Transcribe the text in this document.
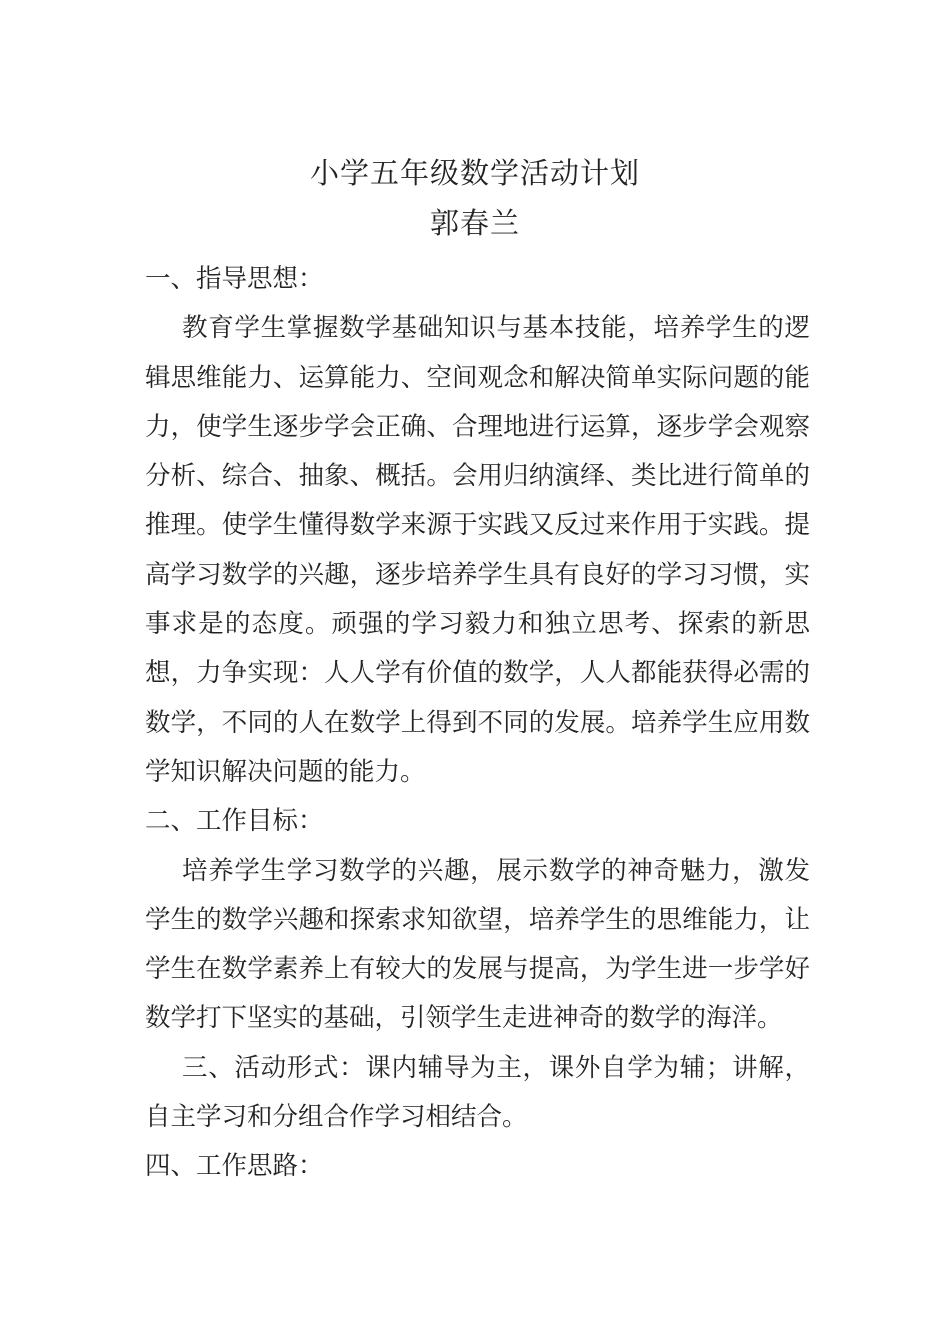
小学五年级数学活动计划
郭春兰

一、指导思想：

教育学生掌握数学基础知识与基本技能，培养学生的逻辑思维能力、运算能力、空间观念和解决简单实际问题的能力，使学生逐步学会正确、合理地进行运算，逐步学会观察分析、综合、抽象、概括。会用归纳演绎、类比进行简单的推理。使学生懂得数学来源于实践又反过来作用于实践。提高学习数学的兴趣，逐步培养学生具有良好的学习习惯，实事求是的态度。顽强的学习毅力和独立思考、探索的新思想，力争实现：人人学有价值的数学，人人都能获得必需的数学，不同的人在数学上得到不同的发展。培养学生应用数学知识解决问题的能力。

二、工作目标：

培养学生学习数学的兴趣，展示数学的神奇魅力，激发学生的数学兴趣和探索求知欲望，培养学生的思维能力，让学生在数学素养上有较大的发展与提高，为学生进一步学好数学打下坚实的基础，引领学生走进神奇的数学的海洋。

三、活动形式：课内辅导为主，课外自学为辅；讲解，自主学习和分组合作学习相结合。

四、工作思路：
